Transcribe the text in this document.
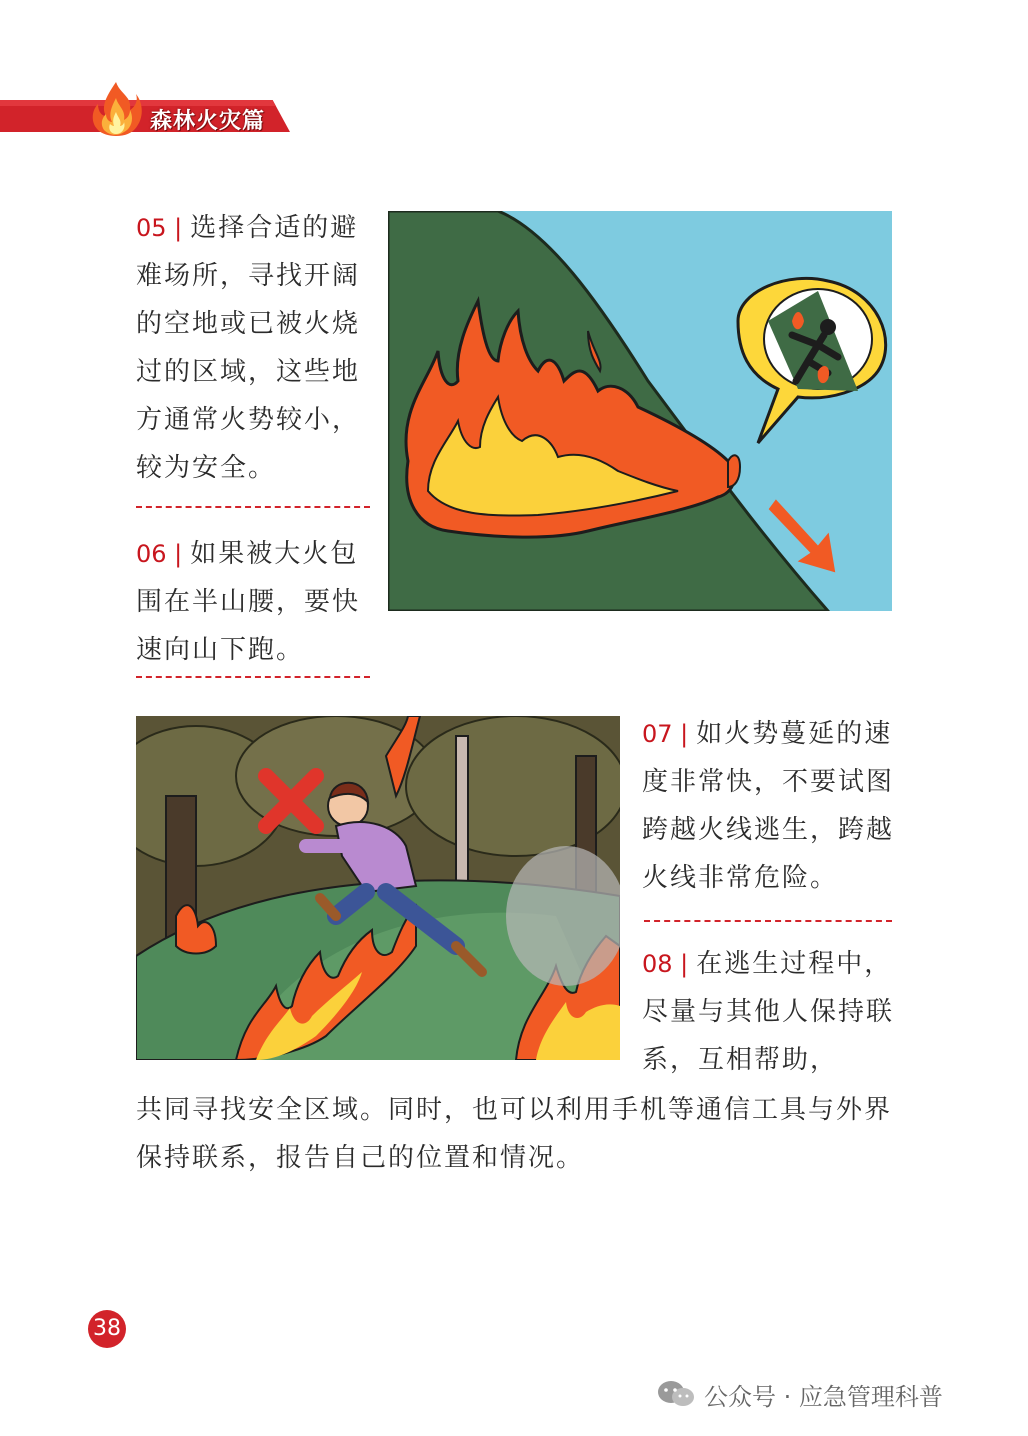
森林火灾篇
05 | 选择合适的避难场所，寻找开阔的空地或已被火烧过的区域，这些地方通常火势较小，较为安全。
06 | 如果被大火包围在半山腰，要快速向山下跑。
07 | 如火势蔓延的速度非常快，不要试图跨越火线逃生，跨越火线非常危险。
08 | 在逃生过程中，尽量与其他人保持联系，互相帮助，
共同寻找安全区域。同时，也可以利用手机等通信工具与外界保持联系，报告自己的位置和情况。
38
公众号 · 应急管理科普
